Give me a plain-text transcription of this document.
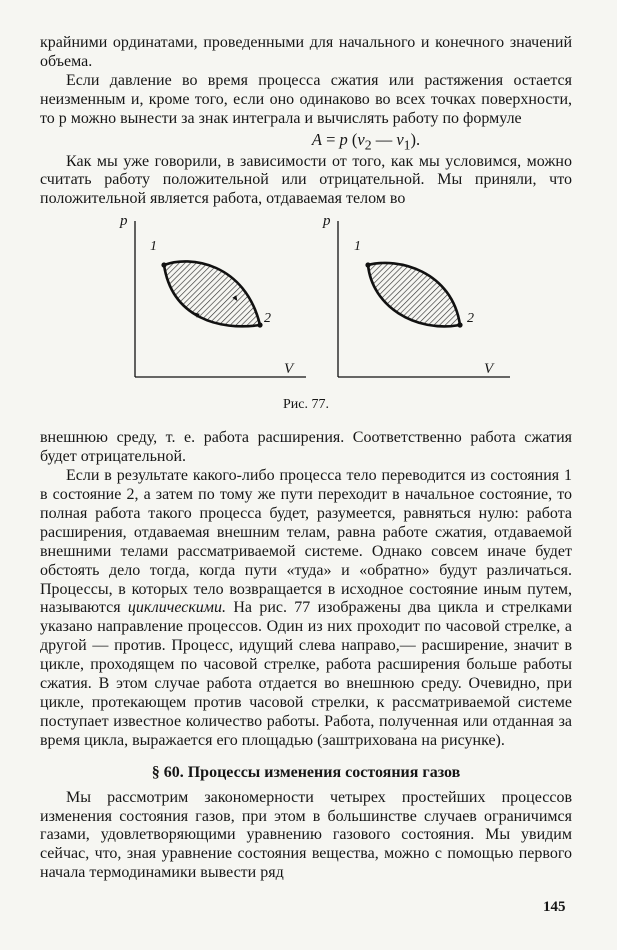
крайними ординатами, проведенными для начального и конечного значений объема.

Если давление во время процесса сжатия или растяжения остается неизменным и, кроме того, если оно одинаково во всех точках поверхности, то p можно вынести за знак интеграла и вычислять работу по формуле

A = p ($v_2$ — $v_1$).

Как мы уже говорили, в зависимости от того, как мы условимся, можно считать работу положительной или отрицательной. Мы приняли, что положительной является работа, отдаваемая телом во

p
V
1
2
p
V
1
2
Рис. 77.

внешнюю среду, т. е. работа расширения. Соответственно работа сжатия будет отрицательной.

Если в результате какого-либо процесса тело переводится из состояния 1 в состояние 2, а затем по тому же пути переходит в начальное состояние, то полная работа такого процесса будет, разумеется, равняться нулю: работа расширения, отдаваемая внешним телам, равна работе сжатия, отдаваемой внешними телами рассматриваемой системе. Однако совсем иначе будет обстоять дело тогда, когда пути «туда» и «обратно» будут различаться. Процессы, в которых тело возвращается в исходное состояние иным путем, называются циклическими. На рис. 77 изображены два цикла и стрелками указано направление процессов. Один из них проходит по часовой стрелке, а другой — против. Процесс, идущий слева направо,— расширение, значит в цикле, проходящем по часовой стрелке, работа расширения больше работы сжатия. В этом случае работа отдается во внешнюю среду. Очевидно, при цикле, протекающем против часовой стрелки, к рассматриваемой системе поступает известное количество работы. Работа, полученная или отданная за время цикла, выражается его площадью (заштрихована на рисунке).

§ 60. Процессы изменения состояния газов

Мы рассмотрим закономерности четырех простейших процессов изменения состояния газов, при этом в большинстве случаев ограничимся газами, удовлетворяющими уравнению газового состояния. Мы увидим сейчас, что, зная уравнение состояния вещества, можно с помощью первого начала термодинамики вывести ряд

145
